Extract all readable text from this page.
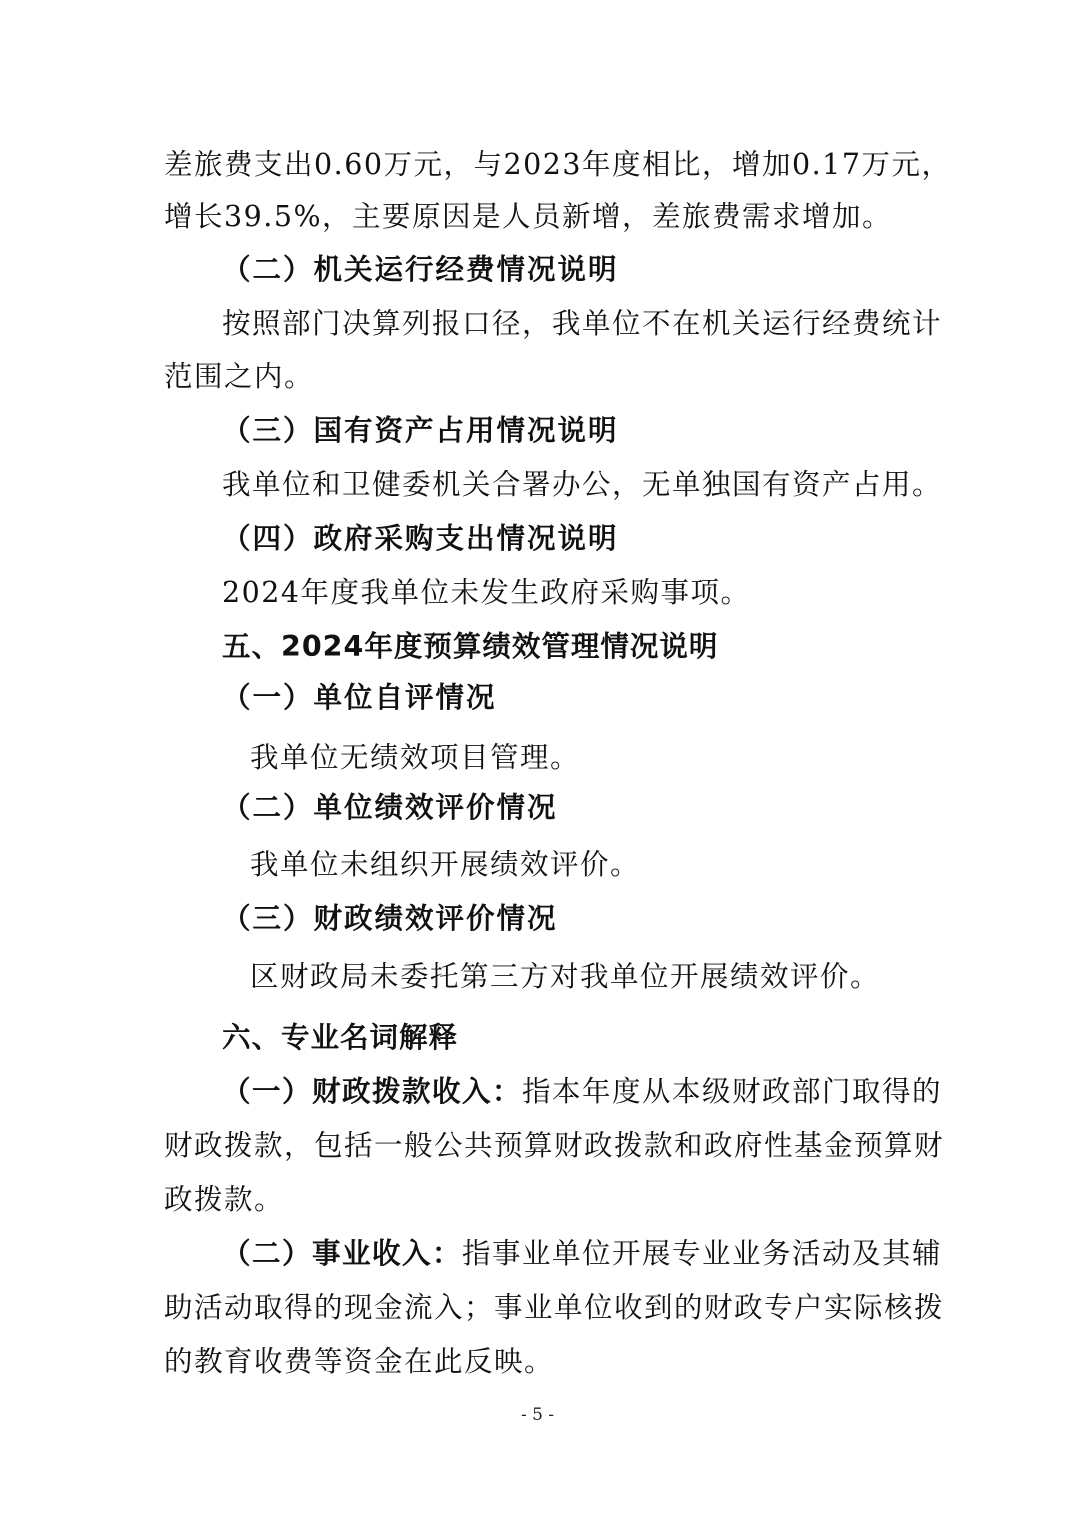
差旅费支出0.60万元，与2023年度相比，增加0.17万元，
增长39.5%，主要原因是人员新增，差旅费需求增加。
（二）机关运行经费情况说明
按照部门决算列报口径，我单位不在机关运行经费统计
范围之内。
（三）国有资产占用情况说明
我单位和卫健委机关合署办公，无单独国有资产占用。
（四）政府采购支出情况说明
2024年度我单位未发生政府采购事项。
五、2024年度预算绩效管理情况说明
（一）单位自评情况
我单位无绩效项目管理。
（二）单位绩效评价情况
我单位未组织开展绩效评价。
（三）财政绩效评价情况
区财政局未委托第三方对我单位开展绩效评价。
六、专业名词解释
（一）财政拨款收入：指本年度从本级财政部门取得的
财政拨款，包括一般公共预算财政拨款和政府性基金预算财
政拨款。
（二）事业收入：指事业单位开展专业业务活动及其辅
助活动取得的现金流入；事业单位收到的财政专户实际核拨
的教育收费等资金在此反映。
- 5 -
